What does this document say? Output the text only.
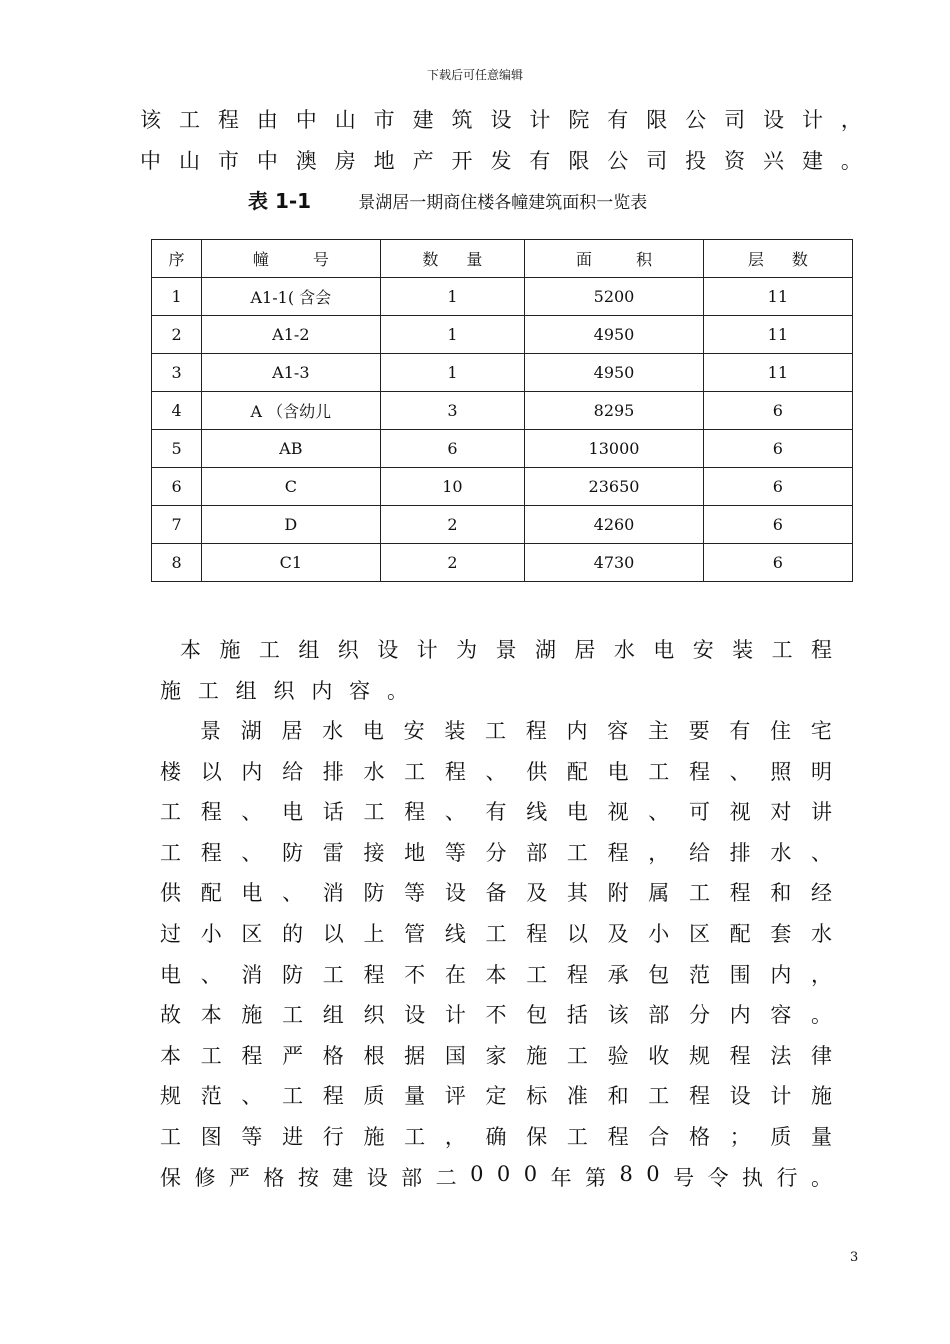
下载后可任意编辑
该 工 程 由 中 山 市 建 筑 设 计 院 有 限 公 司 设 计 ，
中 山 市 中 澳 房 地 产 开 发 有 限 公 司 投 资 兴 建 。
表 1-1	景湖居一期商住楼各幢建筑面积一览表
序	幢号	数量	面积	层数
1	A1-1( 含会	1	5200	11
2	A1-2	1	4950	11
3	A1-3	1	4950	11
4	A （含幼儿	3	8295	6
5	AB	6	13000	6
6	C	10	23650	6
7	D	2	4260	6
8	C1	2	4730	6
本 施 工 组 织 设 计 为 景 湖 居 水 电 安 装 工 程
施 工 组 织 内 容 。
景 湖 居 水 电 安 装 工 程 内 容 主 要 有 住 宅
楼 以 内 给 排 水 工 程 、 供 配 电 工 程 、 照 明
工 程 、 电 话 工 程 、 有 线 电 视 、 可 视 对 讲
工 程 、 防 雷 接 地 等 分 部 工 程 ， 给 排 水 、
供 配 电 、 消 防 等 设 备 及 其 附 属 工 程 和 经
过 小 区 的 以 上 管 线 工 程 以 及 小 区 配 套 水
电 、 消 防 工 程 不 在 本 工 程 承 包 范 围 内 ，
故 本 施 工 组 织 设 计 不 包 括 该 部 分 内 容 。
本 工 程 严 格 根 据 国 家 施 工 验 收 规 程 法 律
规 范 、 工 程 质 量 评 定 标 准 和 工 程 设 计 施
工 图 等 进 行 施 工 ， 确 保 工 程 合 格 ； 质 量
保 修 严 格 按 建 设 部 二 0 0 0 年 第 8 0 号 令 执 行 。
3
